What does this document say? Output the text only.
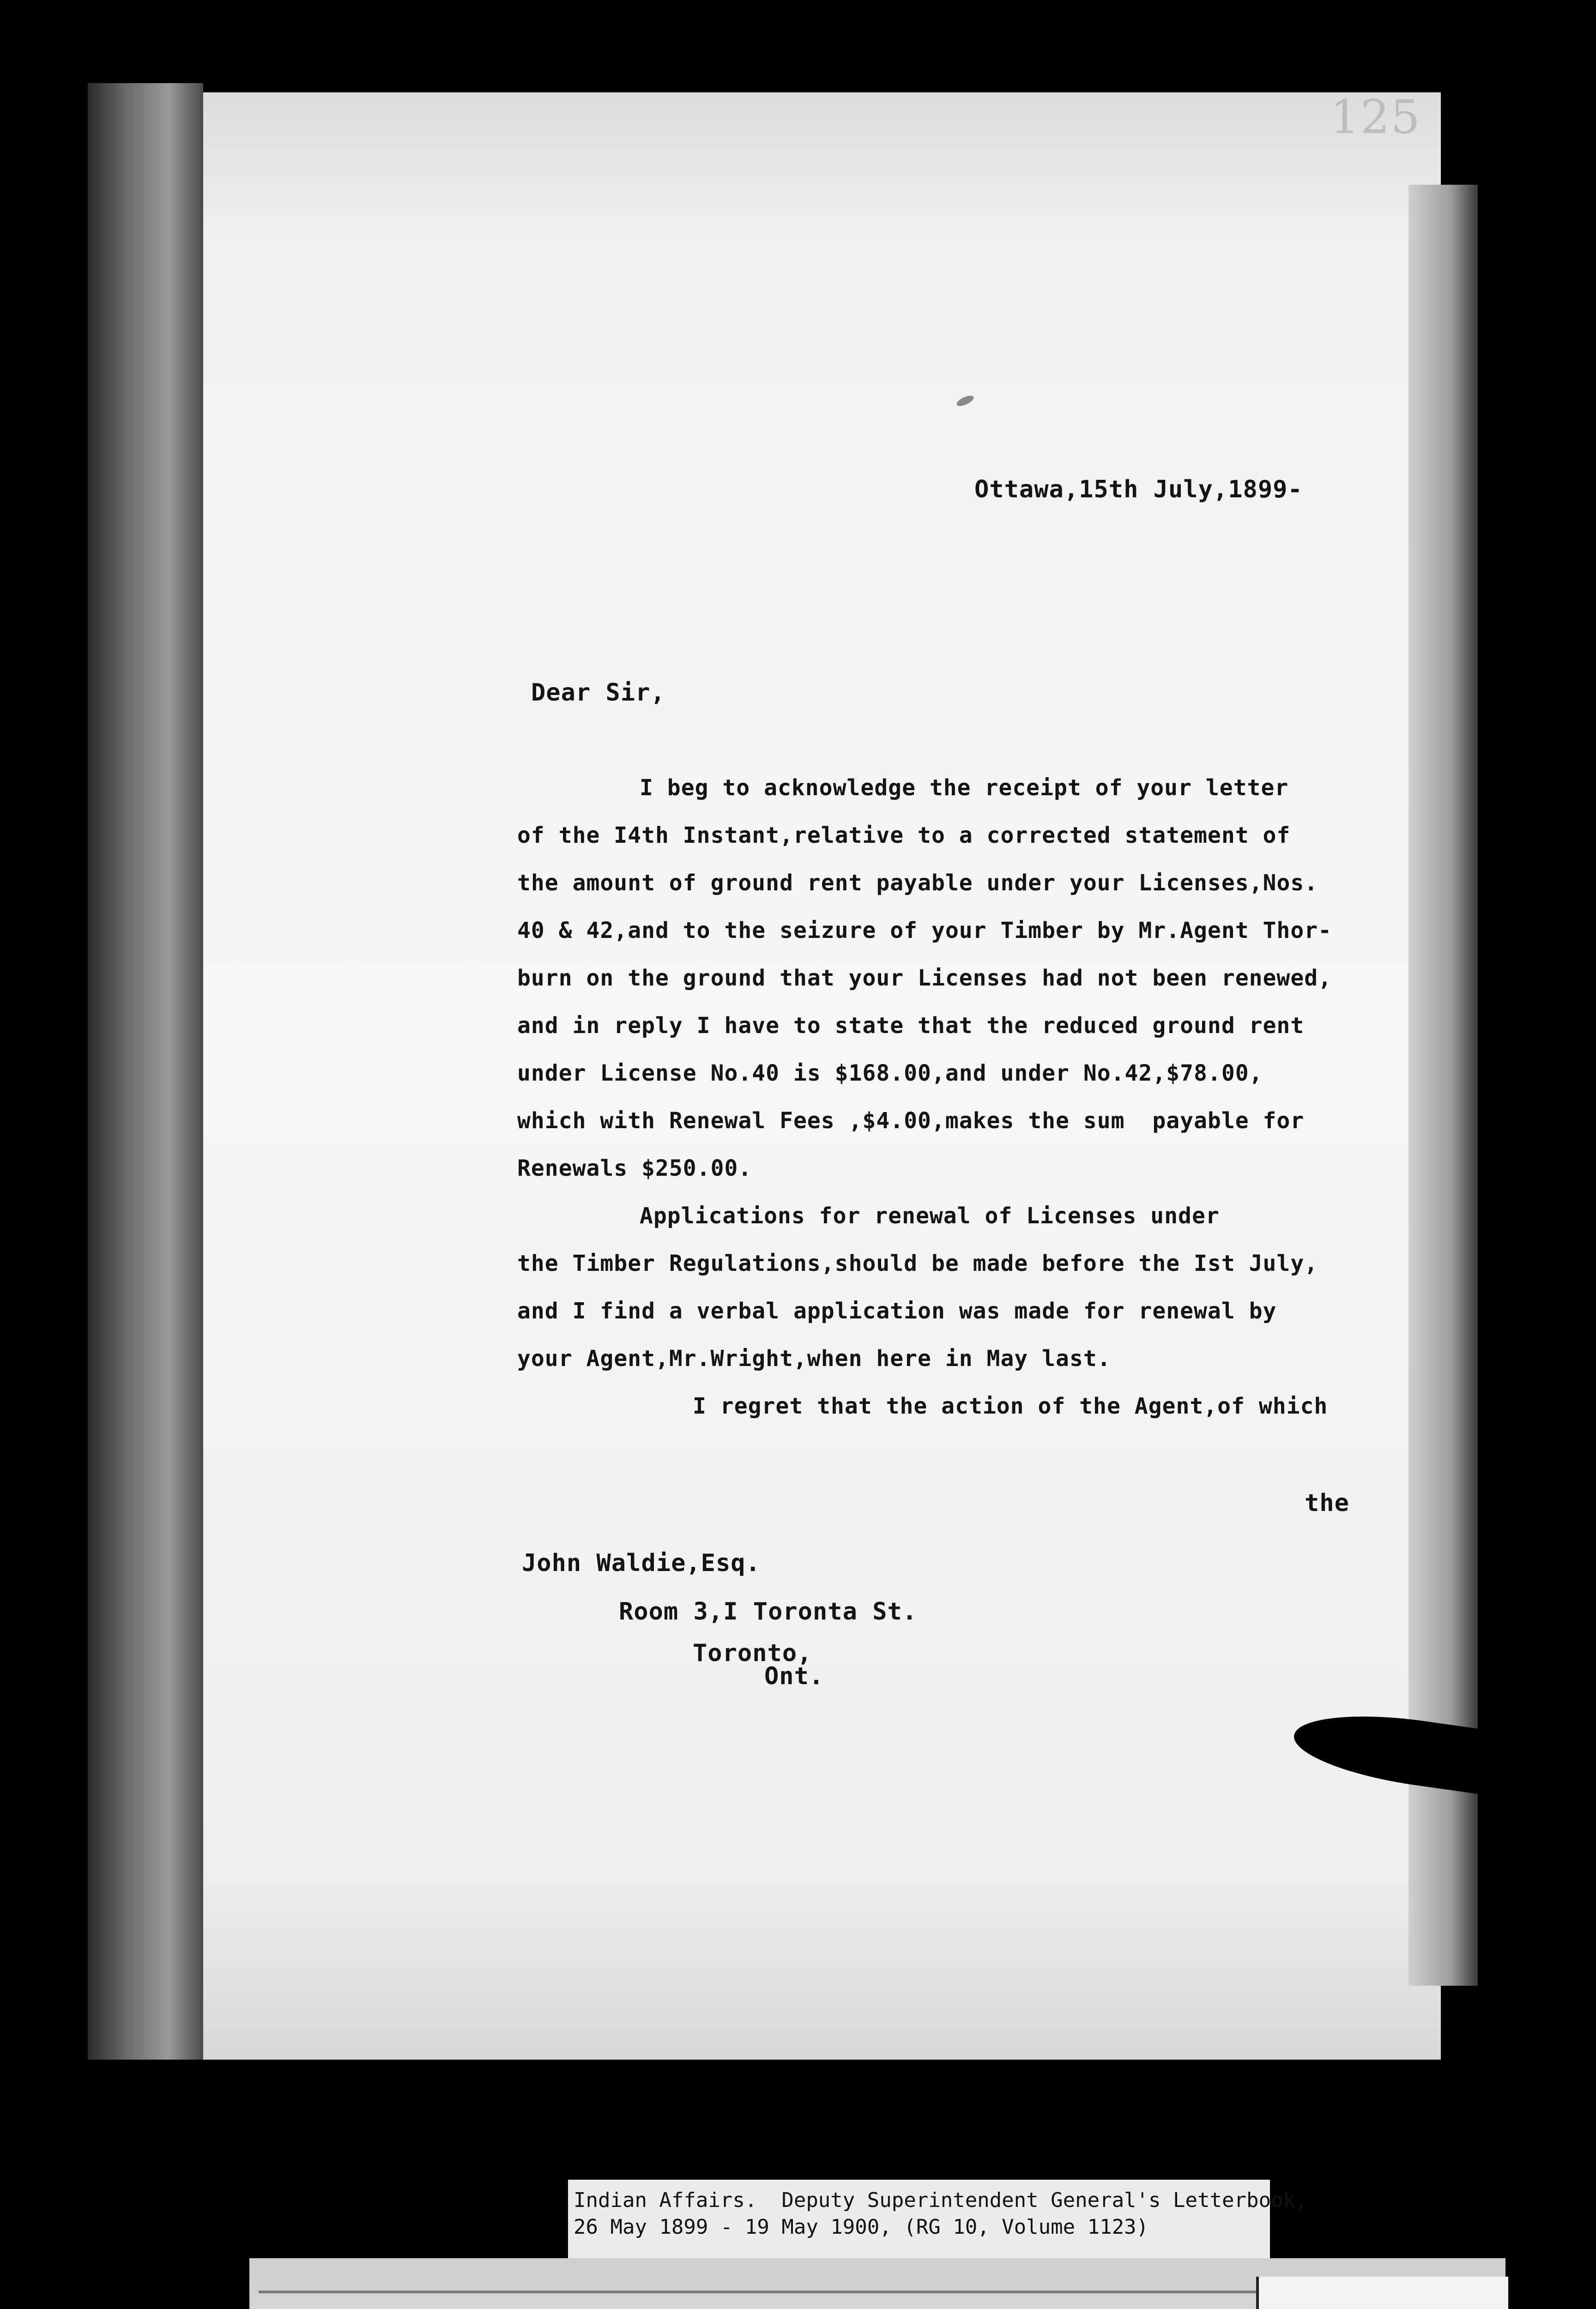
125
Ottawa,15th July,1899-
Dear Sir,
I beg to acknowledge the receipt of your letter
of the I4th Instant,relative to a corrected statement of
the amount of ground rent payable under your Licenses,Nos.
40 & 42,and to the seizure of your Timber by Mr.Agent Thor-
burn on the ground that your Licenses had not been renewed,
and in reply I have to state that the reduced ground rent
under License No.40 is $168.00,and under No.42,$78.00,
which with Renewal Fees ,$4.00,makes the sum  payable for
Renewals $250.00.
Applications for renewal of Licenses under
the Timber Regulations,should be made before the Ist July,
and I find a verbal application was made for renewal by
your Agent,Mr.Wright,when here in May last.
I regret that the action of the Agent,of which
the
John Waldie,Esq.
Room 3,I Toronta St.
Toronto,
Ont.
Indian Affairs.  Deputy Superintendent General's Letterbook,
26 May 1899 - 19 May 1900, (RG 10, Volume 1123)
